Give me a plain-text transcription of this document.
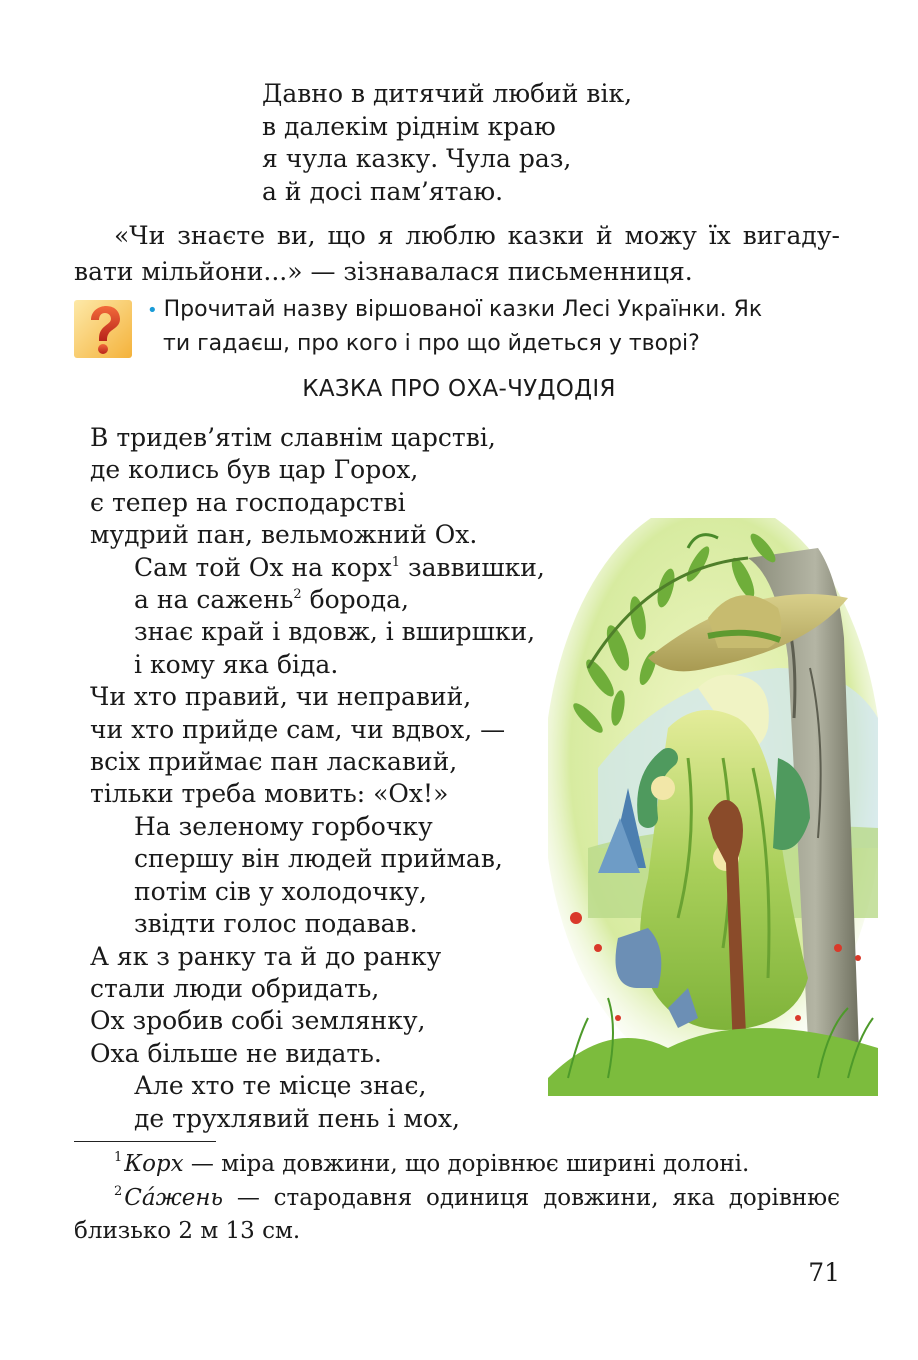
Давно в дитячий любий вік,
в далекім ріднім краю
я чула казку. Чула раз,
а й досі пам’ятаю.
«Чи знаєте ви, що я люблю казки й можу їх вигадувати мільйони...» — зізнавалася письменниця.
• Прочитай назву віршованої казки Лесі Українки. Як
ти гадаєш, про кого і про що йдеться у творі?
КАЗКА ПРО ОХА-ЧУДОДІЯ
В тридев’ятім славнім царстві,
де колись був цар Горох,
є тепер на господарстві
мудрий пан, вельможний Ох.
Сам той Ох на корх$^1$ заввишки,
а на сажень$^2$ борода,
знає край і вдовж, і вширшки,
і кому яка біда.
Чи хто правий, чи неправий,
чи хто прийде сам, чи вдвох, —
всіх приймає пан ласкавий,
тільки треба мовить: «Ох!»
На зеленому горбочку
спершу він людей приймав,
потім сів у холодочку,
звідти голос подавав.
А як з ранку та й до ранку
стали люди обридать,
Ох зробив собі землянку,
Оха більше не видать.
Але хто те місце знає,
де трухлявий пень і мох,
$^1$Корх — міра довжини, що дорівнює ширині долоні.
$^2$Сáжень — стародавня одиниця довжини, яка дорівнює близько 2 м 13 см.
71
